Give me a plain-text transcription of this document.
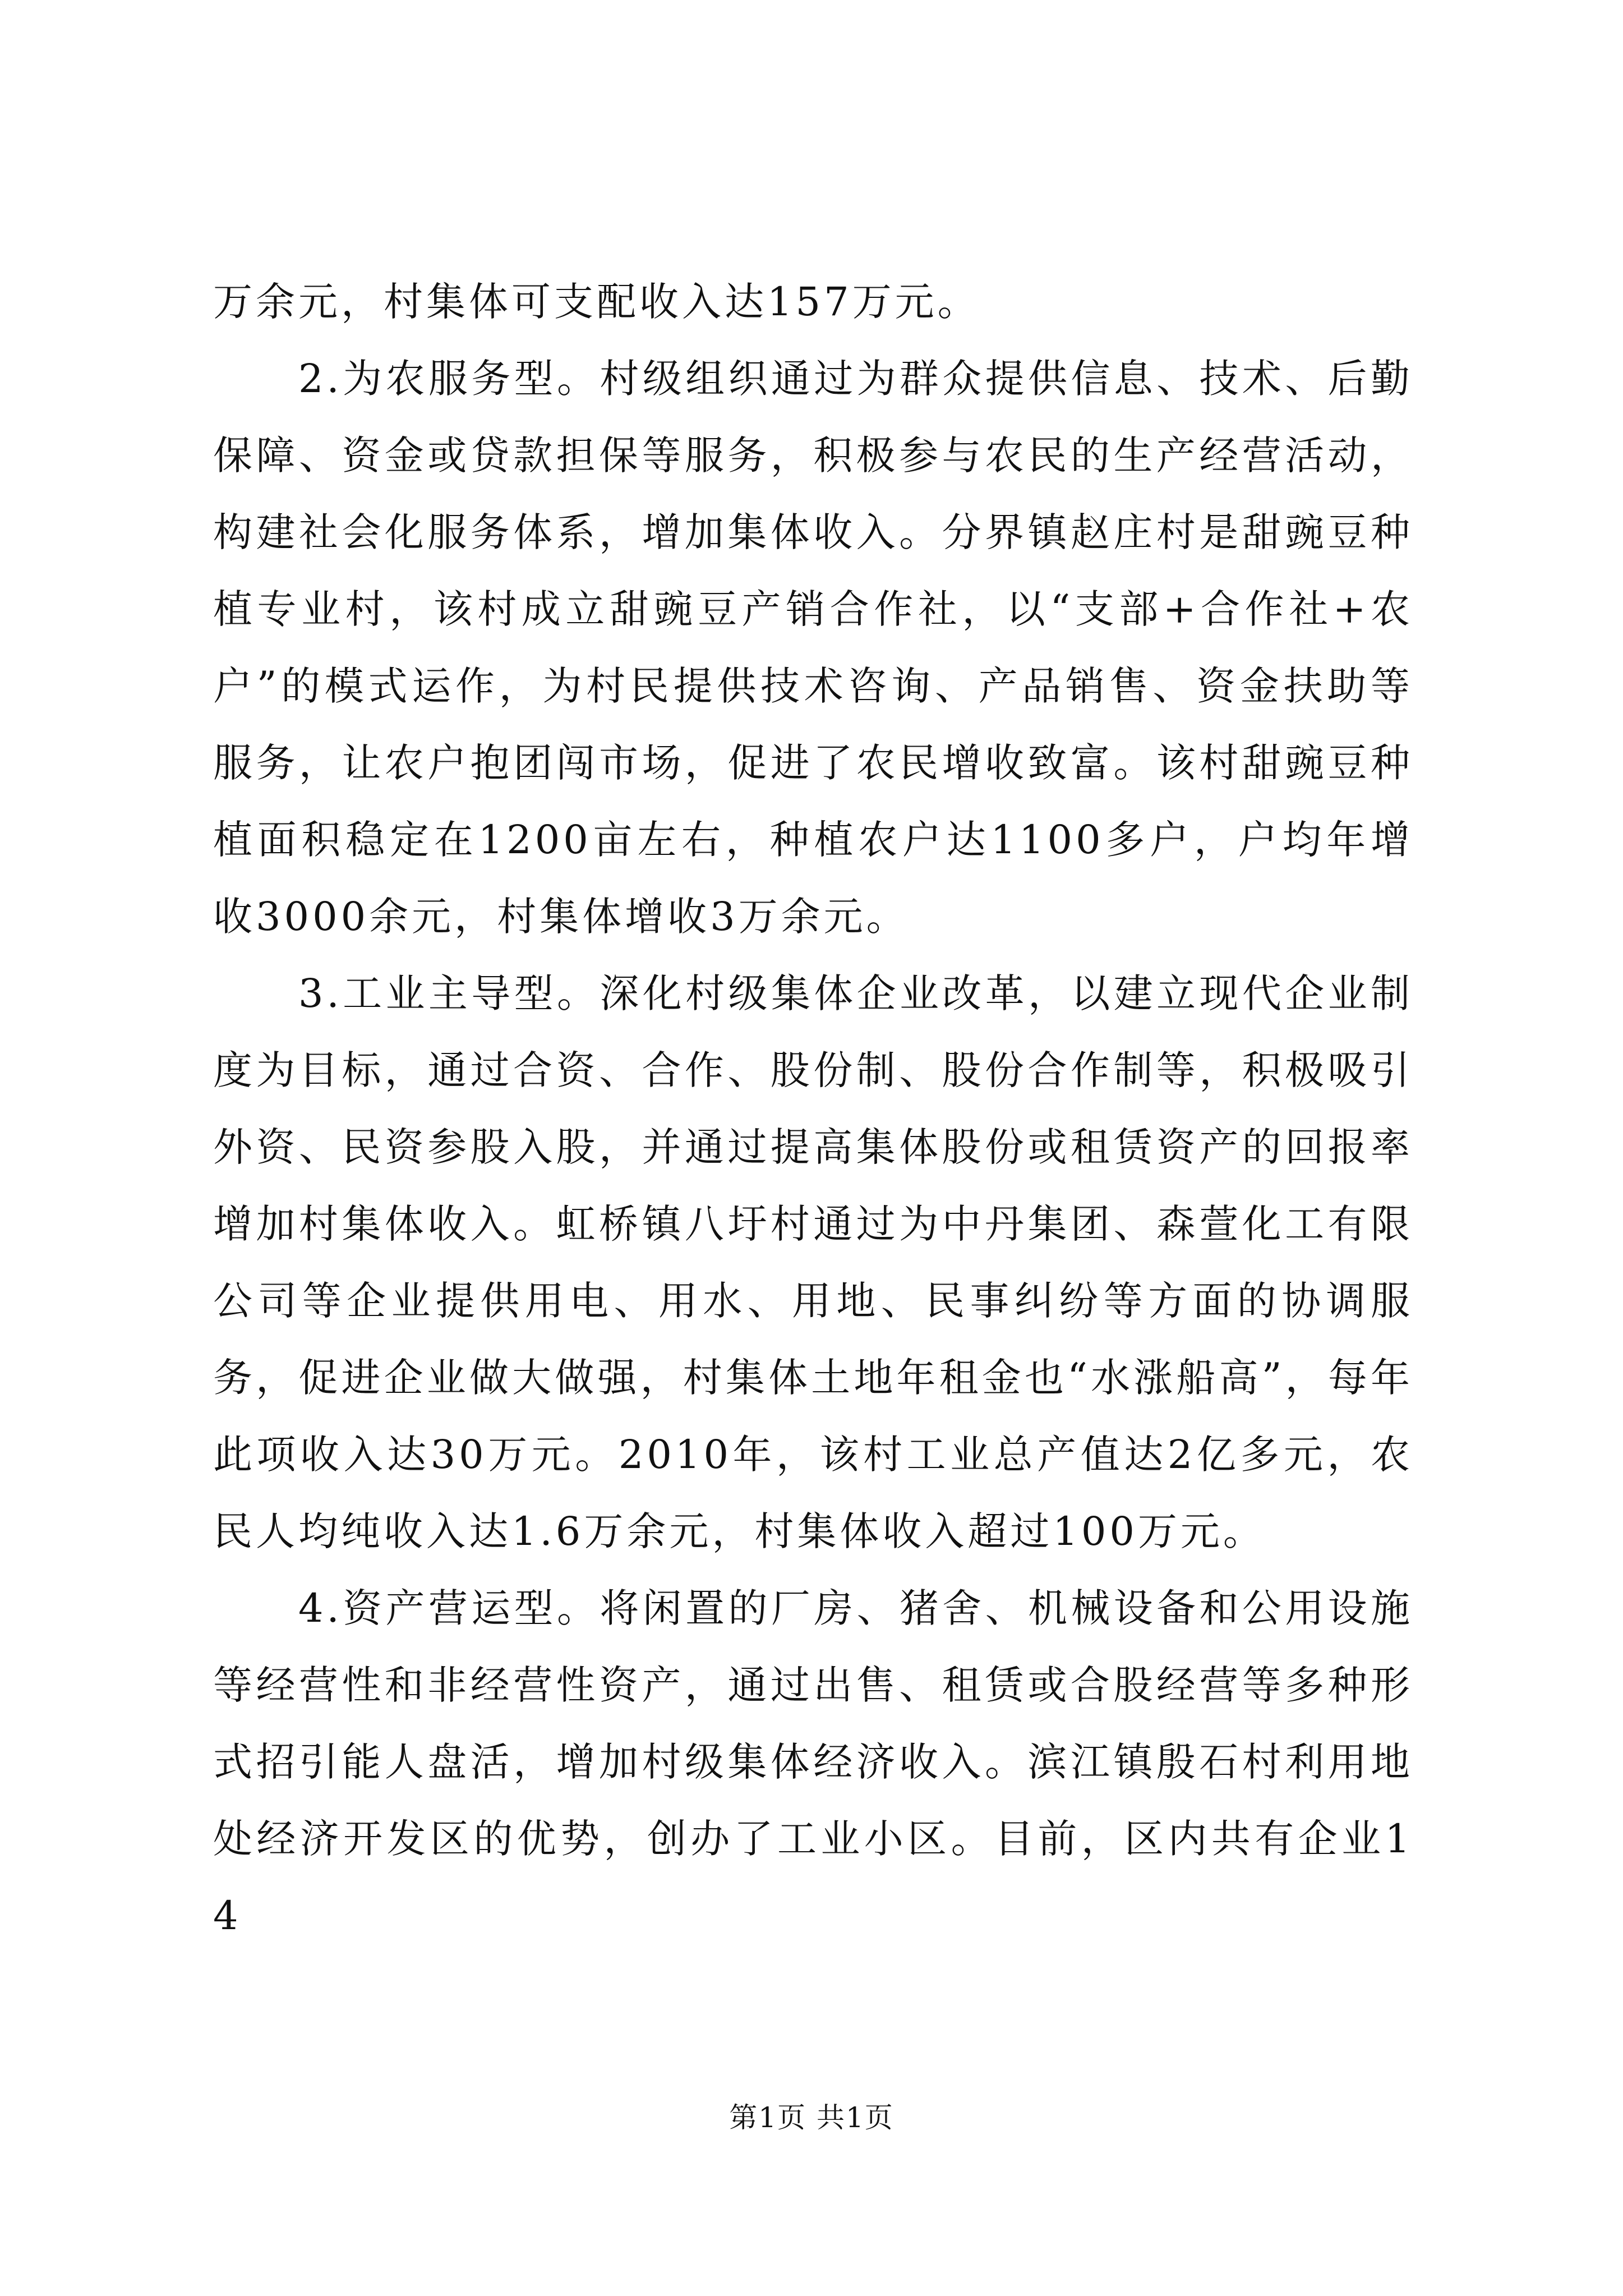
万余元，村集体可支配收入达157万元。

2.为农服务型。村级组织通过为群众提供信息、技术、后勤保障、资金或贷款担保等服务，积极参与农民的生产经营活动，构建社会化服务体系，增加集体收入。分界镇赵庄村是甜豌豆种植专业村，该村成立甜豌豆产销合作社，以“支部+合作社+农户”的模式运作，为村民提供技术咨询、产品销售、资金扶助等服务，让农户抱团闯市场，促进了农民增收致富。该村甜豌豆种植面积稳定在1200亩左右，种植农户达1100多户，户均年增收3000余元，村集体增收3万余元。

3.工业主导型。深化村级集体企业改革，以建立现代企业制度为目标，通过合资、合作、股份制、股份合作制等，积极吸引外资、民资参股入股，并通过提高集体股份或租赁资产的回报率增加村集体收入。虹桥镇八圩村通过为中丹集团、森萱化工有限公司等企业提供用电、用水、用地、民事纠纷等方面的协调服务，促进企业做大做强，村集体土地年租金也“水涨船高”，每年此项收入达30万元。2010年，该村工业总产值达2亿多元，农民人均纯收入达1.6万余元，村集体收入超过100万元。

4.资产营运型。将闲置的厂房、猪舍、机械设备和公用设施等经营性和非经营性资产，通过出售、租赁或合股经营等多种形式招引能人盘活，增加村级集体经济收入。滨江镇殷石村利用地处经济开发区的优势，创办了工业小区。目前，区内共有企业14

第1页 共1页
